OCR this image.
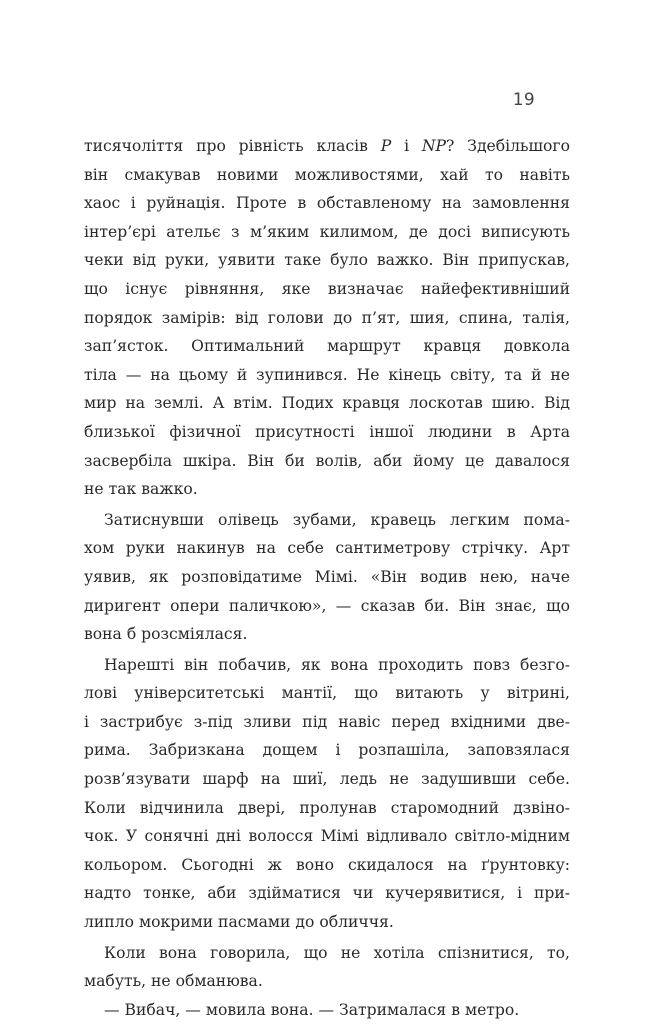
19
тисячоліття про рівність класів P і NP? Здебільшого
він смакував новими можливостями, хай то навіть
хаос і руйнація. Проте в обставленому на замовлення
інтер’єрі ательє з м’яким килимом, де досі виписують
чеки від руки, уявити таке було важко. Він припускав,
що існує рівняння, яке визначає найефективніший
порядок замірів: від голови до п’ят, шия, спина, талія,
зап’ясток. Оптимальний маршрут кравця довкола
тіла — на цьому й зупинився. Не кінець світу, та й не
мир на землі. А втім. Подих кравця лоскотав шию. Від
близької фізичної присутності іншої людини в Арта
засвербіла шкіра. Він би волів, аби йому це давалося
не так важко.
Затиснувши олівець зубами, кравець легким пома-
хом руки накинув на себе сантиметрову стрічку. Арт
уявив, як розповідатиме Мімі. «Він водив нею, наче
диригент опери паличкою», — сказав би. Він знає, що
вона б розсміялася.
Нарешті він побачив, як вона проходить повз безго-
лові університетські мантії, що витають у вітрині,
і застрибує з-під зливи під навіс перед вхідними две-
рима. Забризкана дощем і розпашіла, заповзялася
розв’язувати шарф на шиї, ледь не задушивши себе.
Коли відчинила двері, пролунав старомодний дзвіно-
чок. У сонячні дні волосся Мімі відливало світло-мідним
кольором. Сьогодні ж воно скидалося на ґрунтовку:
надто тонке, аби здійматися чи кучерявитися, і при-
липло мокрими пасмами до обличчя.
Коли вона говорила, що не хотіла спізнитися, то,
мабуть, не обманюва.
— Вибач, — мовила вона. — Затрималася в метро.
